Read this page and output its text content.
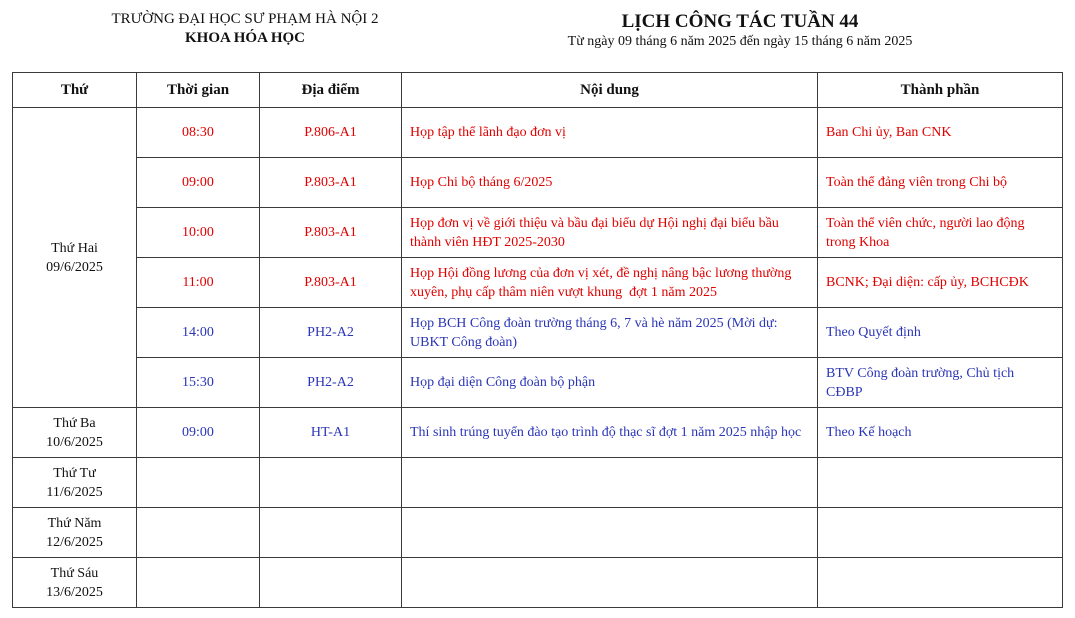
TRƯỜNG ĐẠI HỌC SƯ PHẠM HÀ NỘI 2
KHOA HÓA HỌC
LỊCH CÔNG TÁC TUẦN 44
Từ ngày 09 tháng 6 năm 2025 đến ngày 15 tháng 6 năm 2025
Thứ	Thời gian	Địa điểm	Nội dung	Thành phần

Thứ Hai
09/6/2025	08:30	P.806-A1	Họp tập thể lãnh đạo đơn vị	Ban Chi ủy, Ban CNK
	09:00	P.803-A1	Họp Chi bộ tháng 6/2025	Toàn thể đảng viên trong Chi bộ
	10:00	P.803-A1	Họp đơn vị về giới thiệu và bầu đại biểu dự Hội nghị đại biểu bầu thành viên HĐT 2025-2030	Toàn thể viên chức, người lao động trong Khoa
	11:00	P.803-A1	Họp Hội đồng lương của đơn vị xét, đề nghị nâng bậc lương thường xuyên, phụ cấp thâm niên vượt khung  đợt 1 năm 2025	BCNK; Đại diện: cấp ủy, BCHCĐK
	14:00	PH2-A2	Họp BCH Công đoàn trường tháng 6, 7 và hè năm 2025 (Mời dự: UBKT Công đoàn)	Theo Quyết định
	15:30	PH2-A2	Họp đại diện Công đoàn bộ phận	BTV Công đoàn trường, Chủ tịch CĐBP

Thứ Ba
10/6/2025	09:00	HT-A1	Thí sinh trúng tuyển đào tạo trình độ thạc sĩ đợt 1 năm 2025 nhập học	Theo Kế hoạch

Thứ Tư
11/6/2025				

Thứ Năm
12/6/2025				

Thứ Sáu
13/6/2025				
